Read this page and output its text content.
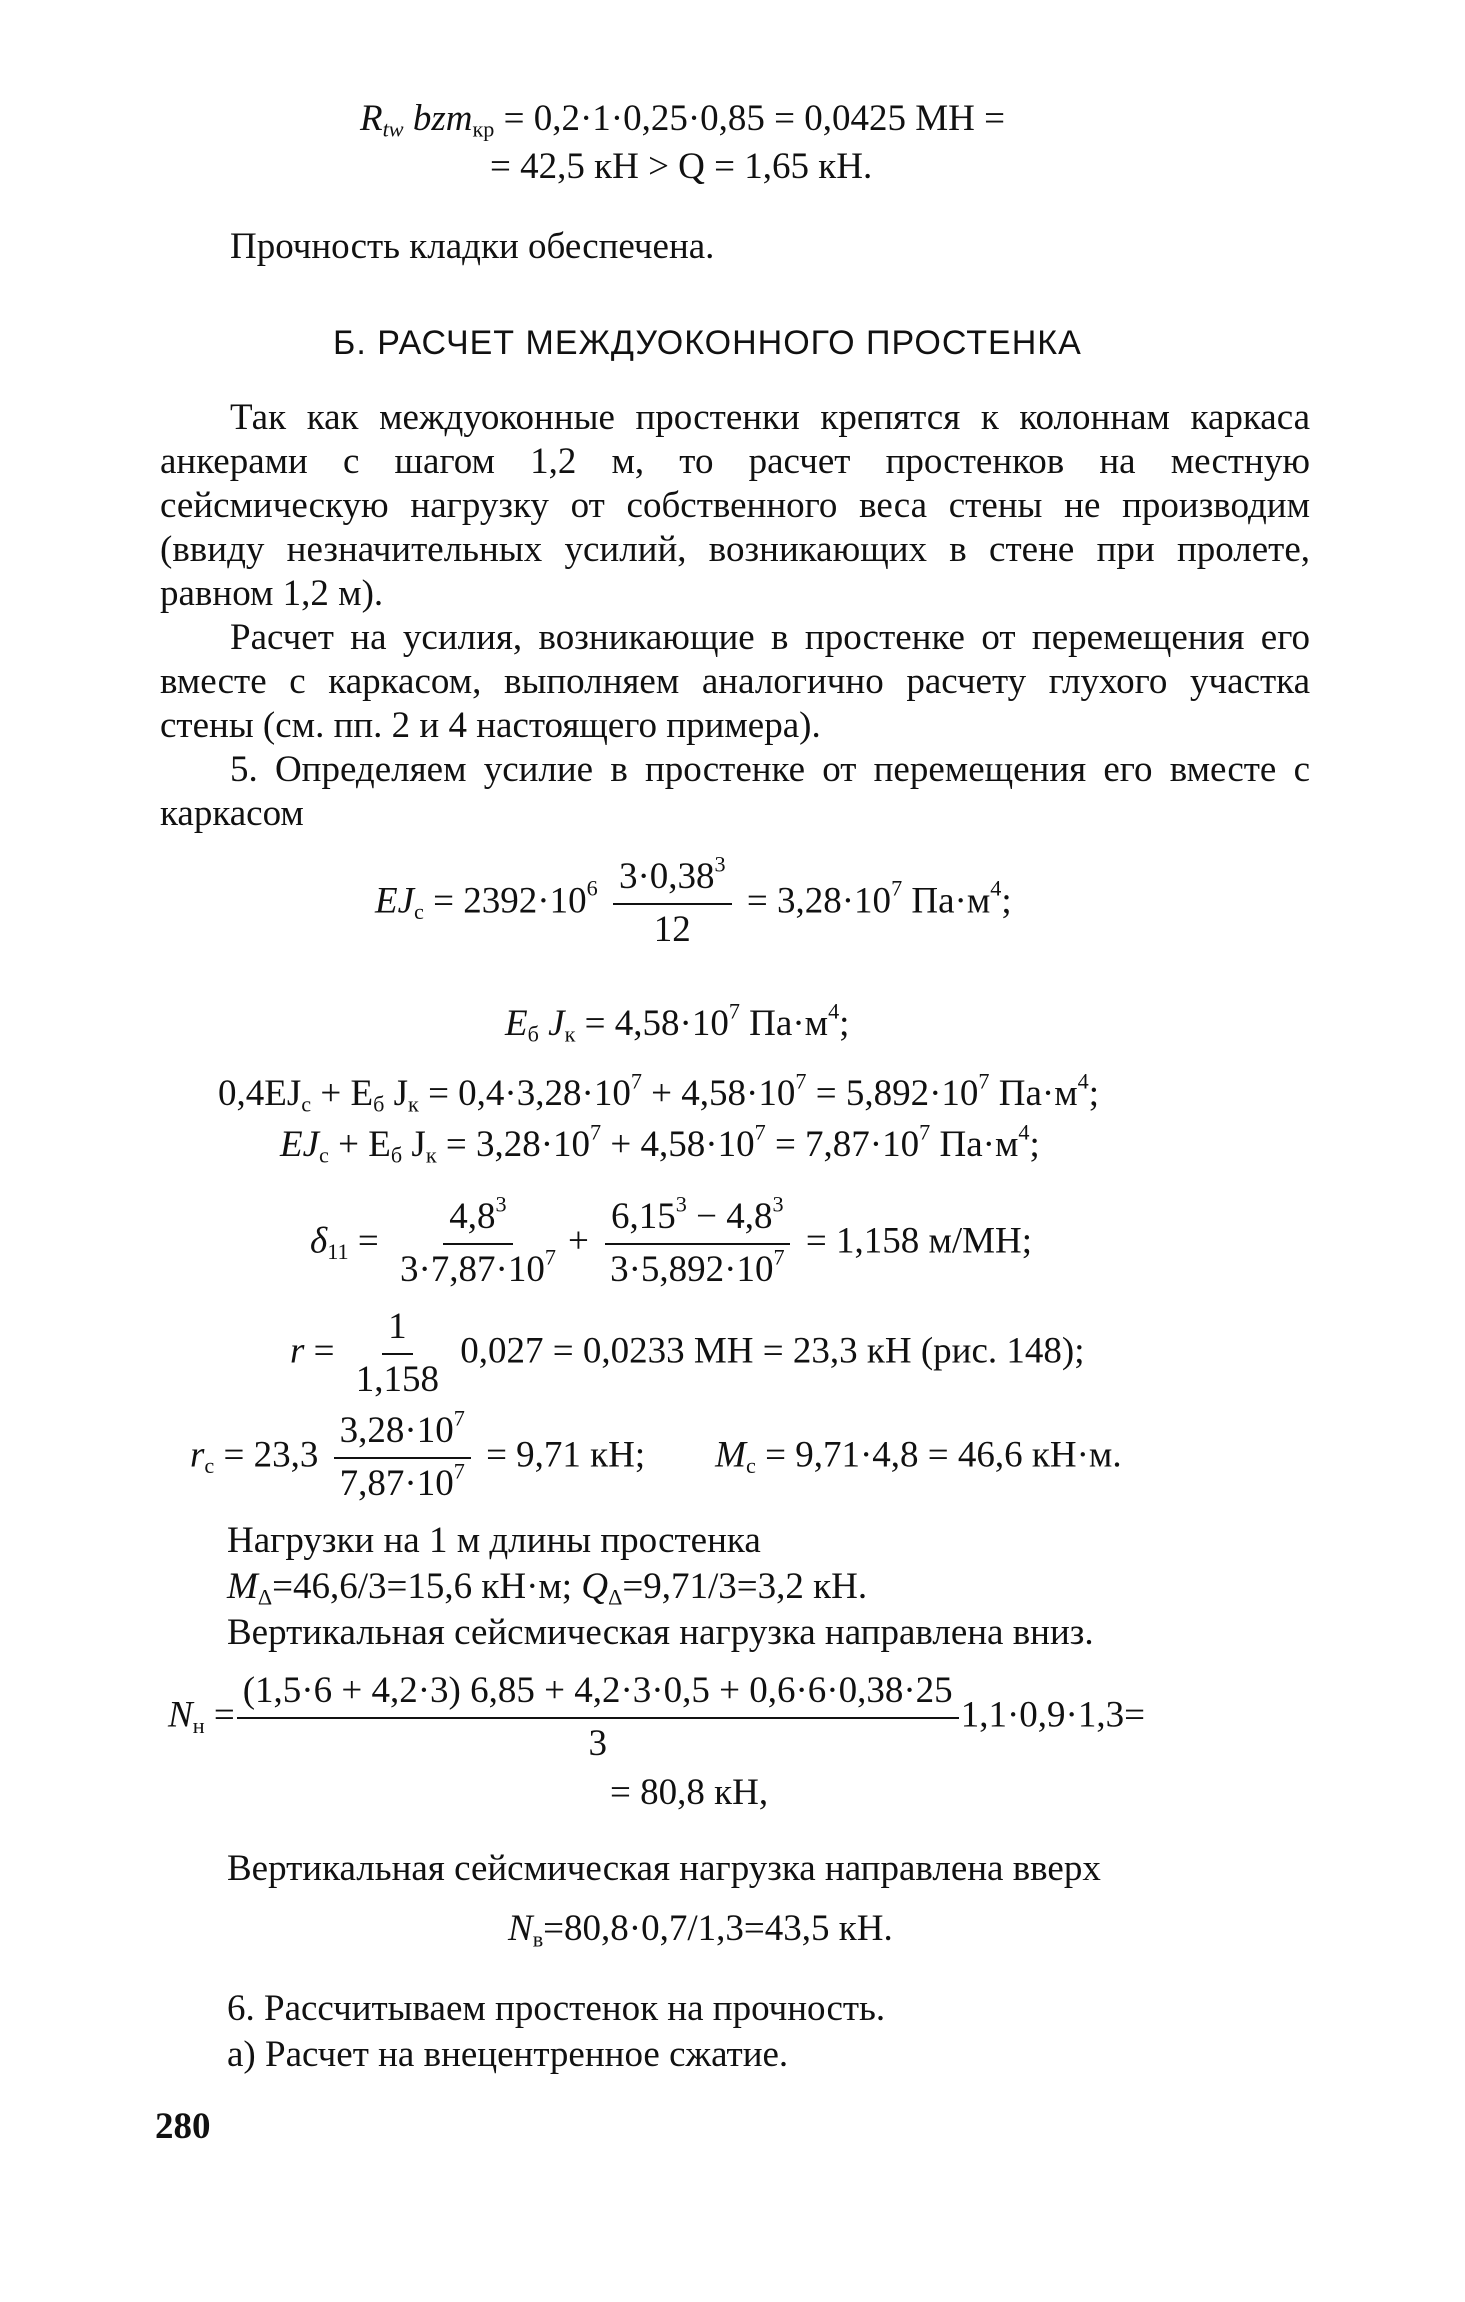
$R_{tw}$ bzm$_{кр}$ = 0,2·1·0,25·0,85 = 0,0425 МН =
= 42,5 кН > Q = 1,65 кН.
Прочность кладки обеспечена.
Б. РАСЧЕТ МЕЖДУОКОННОГО ПРОСТЕНКА
Так как междуоконные простенки крепятся к колоннам каркаса анкерами с шагом 1,2 м, то расчет простенков на местную сейсмическую нагрузку от собственного веса стены не производим (ввиду незначительных усилий, возникающих в стене при пролете, равном 1,2 м).
Расчет на усилия, возникающие в простенке от перемещения его вместе с каркасом, выполняем аналогично расчету глухого участка стены (см. пп. 2 и 4 настоящего примера).
5. Определяем усилие в простенке от перемещения его вместе с каркасом
$EJ_c = 2392\cdot 10^6 \frac{3\cdot 0,38^3}{12} = 3,28\cdot 10^7$ $Па\cdot м^4$;
$E_б$ $J_к = 4,58\cdot 10^7$ $Па\cdot м^4$;
$0,4EJ_c + E_б$ $J_к = 0,4\cdot 3,28\cdot 10^7 + 4,58\cdot 10^7 = 5,892\cdot 10^7$ $Па\cdot м^4$;
$EJ_c + E_б$ $J_к = 3,28\cdot 10^7 + 4,58\cdot 10^7 = 7,87\cdot 10^7$ $Па\cdot м^4$;
$\delta_{11} = \frac{4,8^3}{3\cdot 7,87\cdot 10^7} + \frac{6,15^3 - 4,8^3}{3\cdot 5,892\cdot 10^7} = 1,158$ м/МН;
$r = \frac{1}{1,158} 0,027 = 0,0233$ МН = 23,3 кН (рис. 148);
$r_c = 23,3 \frac{3,28\cdot 10^7}{7,87\cdot 10^7} = 9,71$ кН; $M_c = 9,71\cdot 4,8 = 46,6$ кН·м.
Нагрузки на 1 м длины простенка
$M_\Delta=46,6/3=15,6$ кН·м; $Q_\Delta=9,71/3=3,2$ кН.
Вертикальная сейсмическая нагрузка направлена вниз.
$N_н = \frac{(1,5\cdot 6 + 4,2\cdot 3) 6,85 + 4,2\cdot 3\cdot 0,5 + 0,6\cdot 6\cdot 0,38\cdot 25}{3} 1,1\cdot 0,9\cdot 1,3=$
= 80,8 кН,
Вертикальная сейсмическая нагрузка направлена вверх
$N_в=80,8\cdot 0,7/1,3=43,5$ кН.
6. Рассчитываем простенок на прочность.
а) Расчет на внецентренное сжатие.
280
